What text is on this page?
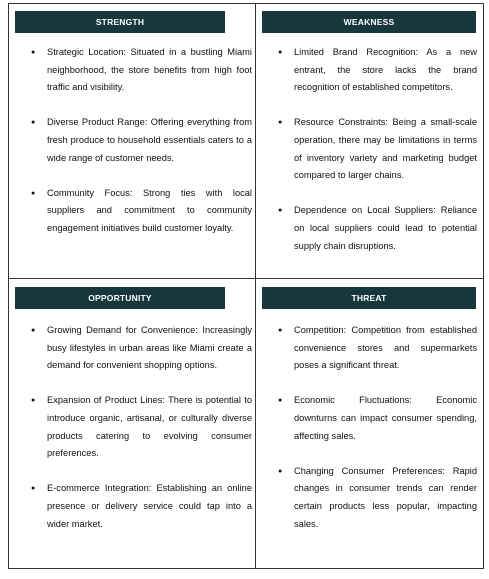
STRENGTH
● Strategic Location: Situated in a bustling Miami neighborhood, the store benefits from high foot traffic and visibility.
● Diverse Product Range: Offering everything from fresh produce to household essentials caters to a wide range of customer needs.
● Community Focus: Strong ties with local suppliers and commitment to community engagement initiatives build customer loyalty.
WEAKNESS
● Limited Brand Recognition: As a new entrant, the store lacks the brand recognition of established competitors.
● Resource Constraints: Being a small-scale operation, there may be limitations in terms of inventory variety and marketing budget compared to larger chains.
● Dependence on Local Suppliers: Reliance on local suppliers could lead to potential supply chain disruptions.
OPPORTUNITY
● Growing Demand for Convenience: Increasingly busy lifestyles in urban areas like Miami create a demand for convenient shopping options.
● Expansion of Product Lines: There is potential to introduce organic, artisanal, or culturally diverse products catering to evolving consumer preferences.
● E-commerce Integration: Establishing an online presence or delivery service could tap into a wider market.
THREAT
● Competition: Competition from established convenience stores and supermarkets poses a significant threat.
● Economic Fluctuations: Economic downturns can impact consumer spending, affecting sales.
● Changing Consumer Preferences: Rapid changes in consumer trends can render certain products less popular, impacting sales.
